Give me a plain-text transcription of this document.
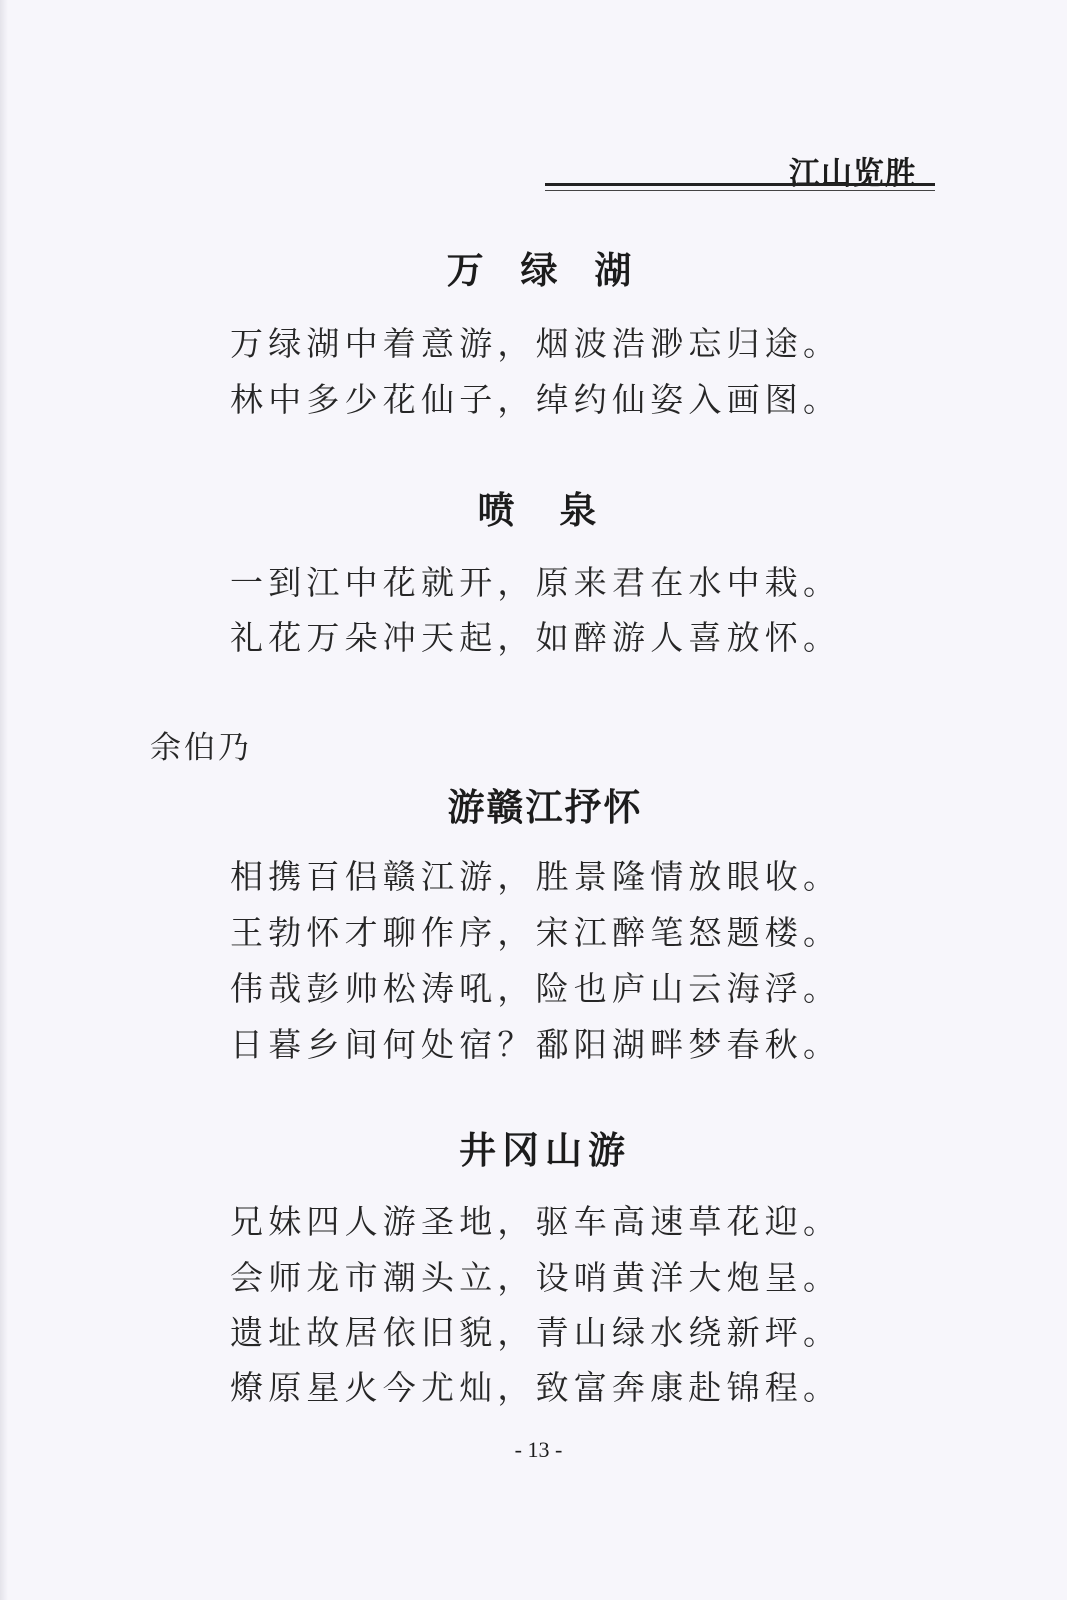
江山览胜
万 绿 湖
万绿湖中着意游，烟波浩渺忘归途。
林中多少花仙子，绰约仙姿入画图。
喷 泉
一到江中花就开，原来君在水中栽。
礼花万朵冲天起，如醉游人喜放怀。
余伯乃
游赣江抒怀
相携百侣赣江游，胜景隆情放眼收。
王勃怀才聊作序，宋江醉笔怒题楼。
伟哉彭帅松涛吼，险也庐山云海浮。
日暮乡间何处宿？鄱阳湖畔梦春秋。
井冈山游
兄妹四人游圣地，驱车高速草花迎。
会师龙市潮头立，设哨黄洋大炮呈。
遗址故居依旧貌，青山绿水绕新坪。
燎原星火今尤灿，致富奔康赴锦程。
- 13 -
